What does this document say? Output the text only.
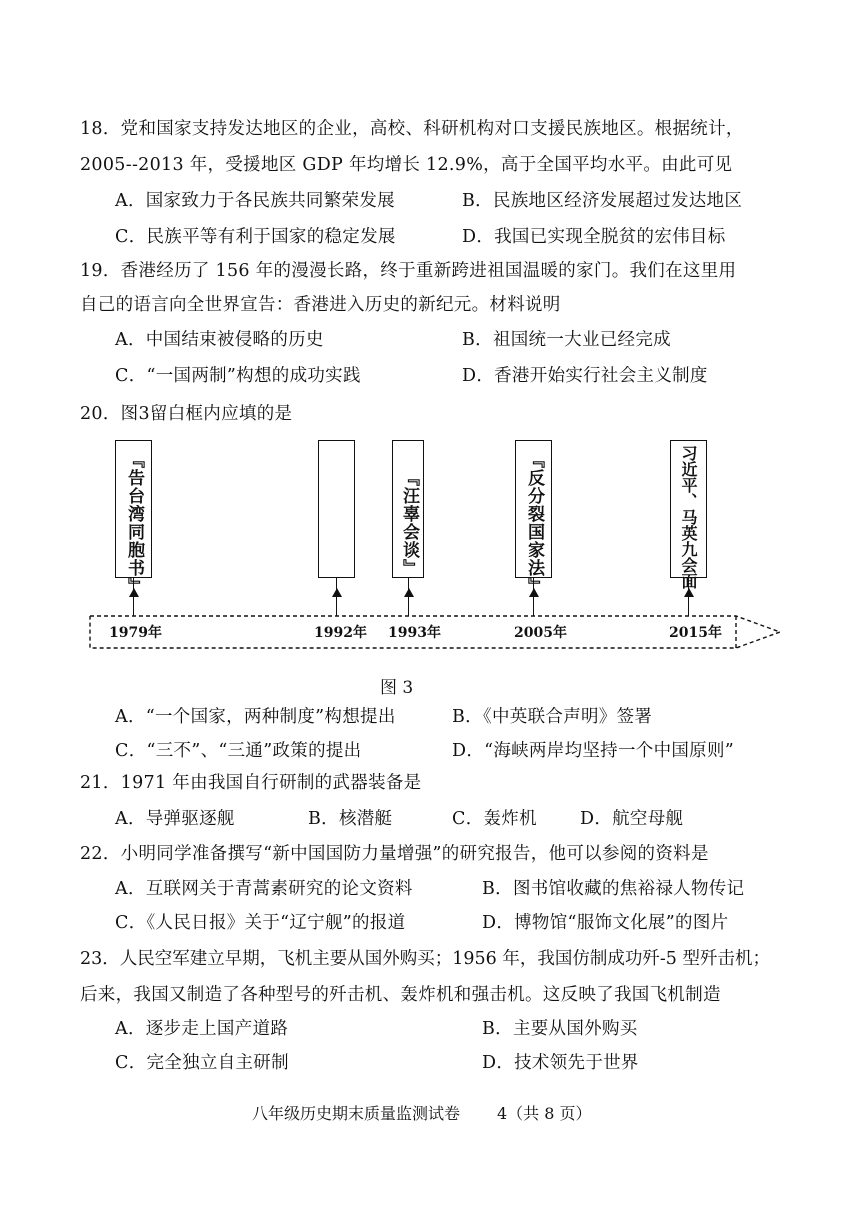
18．党和国家支持发达地区的企业，高校、科研机构对口支援民族地区。根据统计，
2005--2013 年，受援地区 GDP 年均增长 12.9%，高于全国平均水平。由此可见
A．国家致力于各民族共同繁荣发展	B．民族地区经济发展超过发达地区
C．民族平等有利于国家的稳定发展	D．我国已实现全脱贫的宏伟目标
19．香港经历了 156 年的漫漫长路，终于重新跨进祖国温暖的家门。我们在这里用
自己的语言向全世界宣告：香港进入历史的新纪元。材料说明
A．中国结束被侵略的历史	B．祖国统一大业已经完成
C．“一国两制”构想的成功实践	D．香港开始实行社会主义制度
20．图3留白框内应填的是
『告台湾同胞书』	『汪辜会谈』	『反分裂国家法』	习近平、马英九会面
1979年	1992年 1993年	2005年	2015年
图 3
A．“一个国家，两种制度”构想提出	B．《中英联合声明》签署
C．“三不”、“三通”政策的提出	D．“海峡两岸均坚持一个中国原则”
21．1971 年由我国自行研制的武器装备是
A．导弹驱逐舰	B．核潜艇	C．轰炸机 D．航空母舰
22．小明同学准备撰写“新中国国防力量增强”的研究报告，他可以参阅的资料是
A．互联网关于青蒿素研究的论文资料	B．图书馆收藏的焦裕禄人物传记
C．《人民日报》关于“辽宁舰”的报道	D．博物馆“服饰文化展”的图片
23．人民空军建立早期，飞机主要从国外购买；1956 年，我国仿制成功歼-5 型歼击机；
后来，我国又制造了各种型号的歼击机、轰炸机和强击机。这反映了我国飞机制造
A．逐步走上国产道路	B．主要从国外购买
C．完全独立自主研制	D．技术领先于世界
八年级历史期末质量监测试卷 4（共 8 页）
